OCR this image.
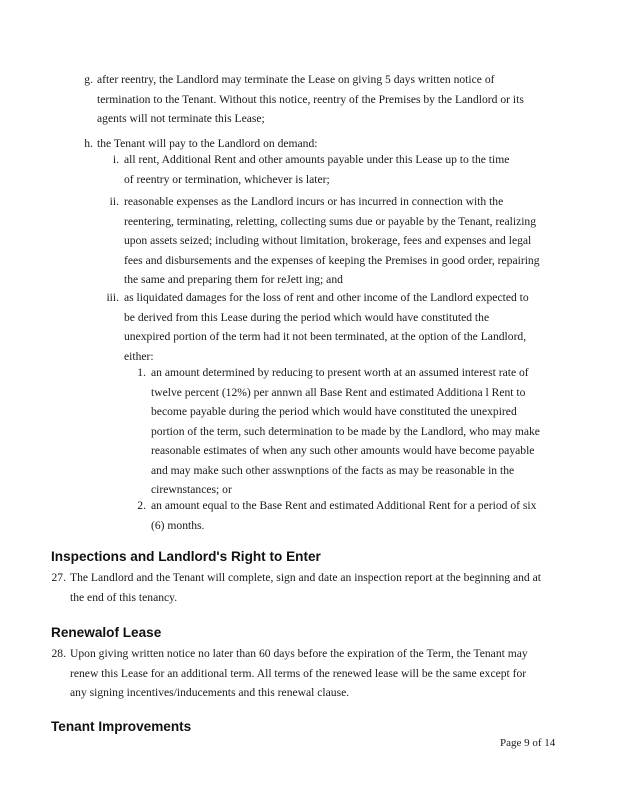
g. after reentry, the Landlord may terminate the Lease on giving 5 days written notice of
termination to the Tenant. Without this notice, reentry of the Premises by the Landlord or its
agents will not terminate this Lease;
h. the Tenant will pay to the Landlord on demand:
i. all rent, Additional Rent and other amounts payable under this Lease up to the time
of reentry or termination, whichever is later;
ii. reasonable expenses as the Landlord incurs or has incurred in connection with the
reentering, terminating, reletting, collecting sums due or payable by the Tenant, realizing
upon assets seized; including without limitation, brokerage, fees and expenses and legal
fees and disbursements and the expenses of keeping the Premises in good order, repairing
the same and preparing them for reJett ing; and
iii. as liquidated damages for the loss of rent and other income of the Landlord expected to
be derived from this Lease during the period which would have constituted the
unexpired portion of the term had it not been terminated, at the option of the Landlord,
either:
1. an amount determined by reducing to present worth at an assumed interest rate of
twelve percent (12%) per annwn all Base Rent and estimated Additiona l Rent to
become payable during the period which would have constituted the unexpired
portion of the term, such determination to be made by the Landlord, who may make
reasonable estimates of when any such other amounts would have become payable
and may make such other asswnptions of the facts as may be reasonable in the
cirewnstances; or
2. an amount equal to the Base Rent and estimated Additional Rent for a period of six
(6) months.
Inspections and Landlord's Right to Enter
27. The Landlord and the Tenant will complete, sign and date an inspection report at the beginning and at
the end of this tenancy.
Renewalof Lease
28. Upon giving written notice no later than 60 days before the expiration of the Term, the Tenant may
renew this Lease for an additional term. All terms of the renewed lease will be the same except for
any signing incentives/inducements and this renewal clause.
Tenant Improvements
Page 9 of 14
